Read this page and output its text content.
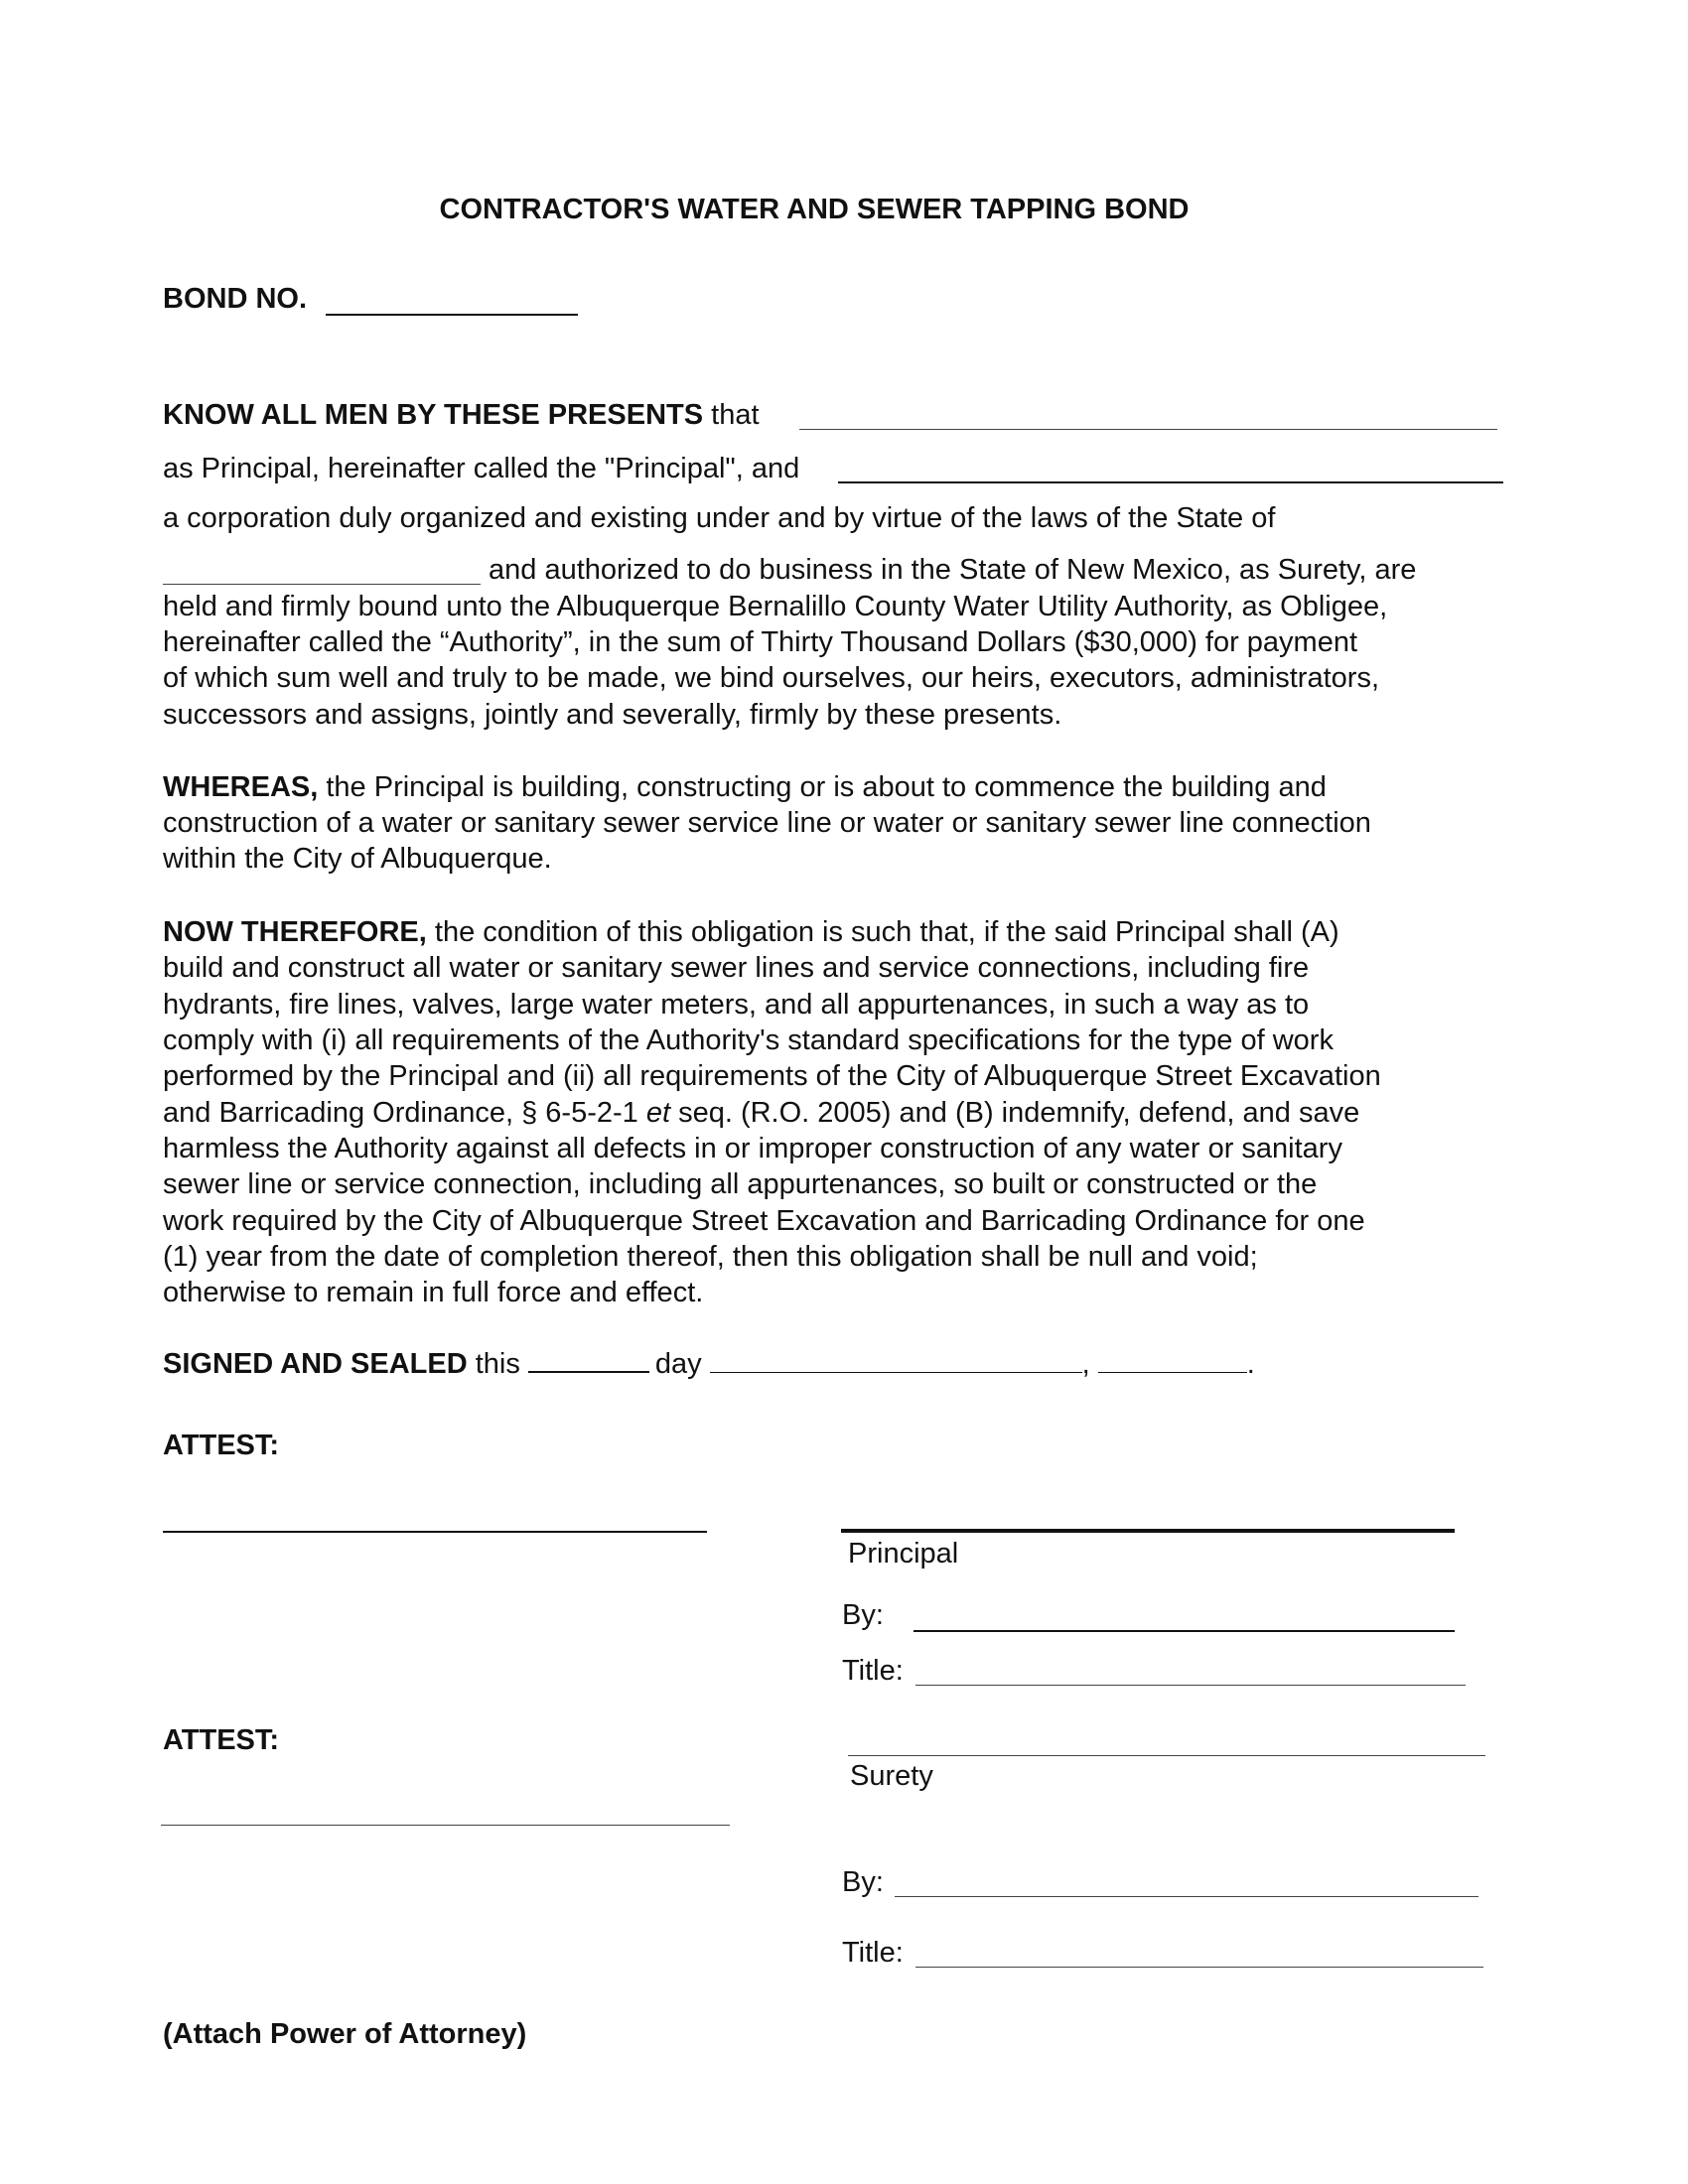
CONTRACTOR'S WATER AND SEWER TAPPING BOND
BOND NO.
KNOW ALL MEN BY THESE PRESENTS that
as Principal, hereinafter called the "Principal", and
a corporation duly organized and existing under and by virtue of the laws of the State of
and authorized to do business in the State of New Mexico, as Surety, are
held and firmly bound unto the Albuquerque Bernalillo County Water Utility Authority, as Obligee,
hereinafter called the “Authority”, in the sum of Thirty Thousand Dollars ($30,000) for payment
of which sum well and truly to be made, we bind ourselves, our heirs, executors, administrators,
successors and assigns, jointly and severally, firmly by these presents.
WHEREAS, the Principal is building, constructing or is about to commence the building and
construction of a water or sanitary sewer service line or water or sanitary sewer line connection
within the City of Albuquerque.
NOW THEREFORE, the condition of this obligation is such that, if the said Principal shall (A)
build and construct all water or sanitary sewer lines and service connections, including fire
hydrants, fire lines, valves, large water meters, and all appurtenances, in such a way as to
comply with (i) all requirements of the Authority's standard specifications for the type of work
performed by the Principal and (ii) all requirements of the City of Albuquerque Street Excavation
and Barricading Ordinance, § 6-5-2-1 et seq. (R.O. 2005) and (B) indemnify, defend, and save
harmless the Authority against all defects in or improper construction of any water or sanitary
sewer line or service connection, including all appurtenances, so built or constructed or the
work required by the City of Albuquerque Street Excavation and Barricading Ordinance for one
(1) year from the date of completion thereof, then this obligation shall be null and void;
otherwise to remain in full force and effect.
SIGNED AND SEALED this	day	,	.
ATTEST:
Principal
By:
Title:
ATTEST:
Surety
By:
Title:
(Attach Power of Attorney)
